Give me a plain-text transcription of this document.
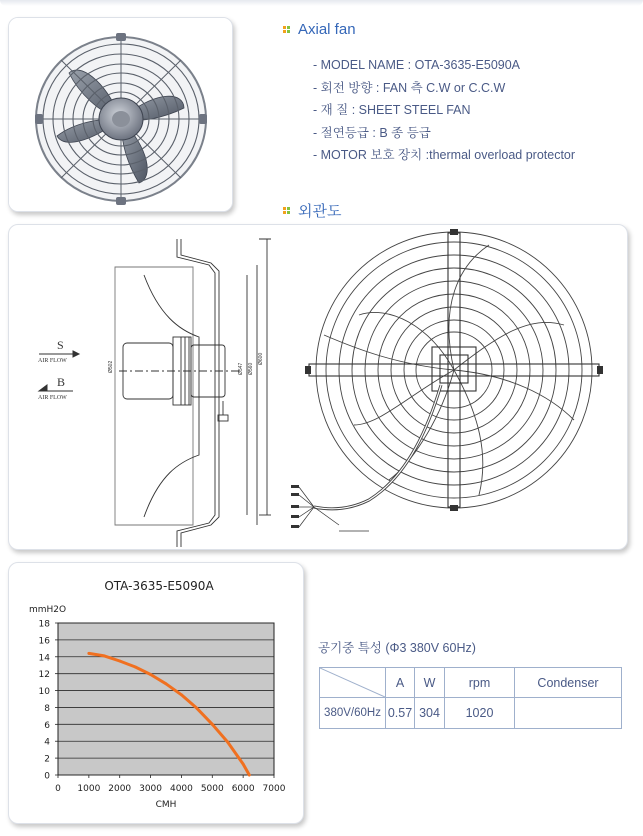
Axial fan
- MODEL NAME : OTA-3635-E5090A
- 회전 방향 : FAN 측 C.W or C.C.W
- 재 질 : SHEET STEEL FAN
- 절연등급 : B 종 등급
- MOTOR 보호 장치 :thermal overload protector
외관도
S
AIR FLOW
B
AIR FLOW
Ø600
Ø560
Ø547
Ø502
OTA-3635-E5090A
mmH2O
CMH
0
2
4
6
8
10
12
14
16
18
0 1000 2000 3000 4000 5000 6000 7000
공기중 특성 (Φ3 380V 60Hz)
	A	W	rpm	Condenser
380V/60Hz	0.57	304	1020	
